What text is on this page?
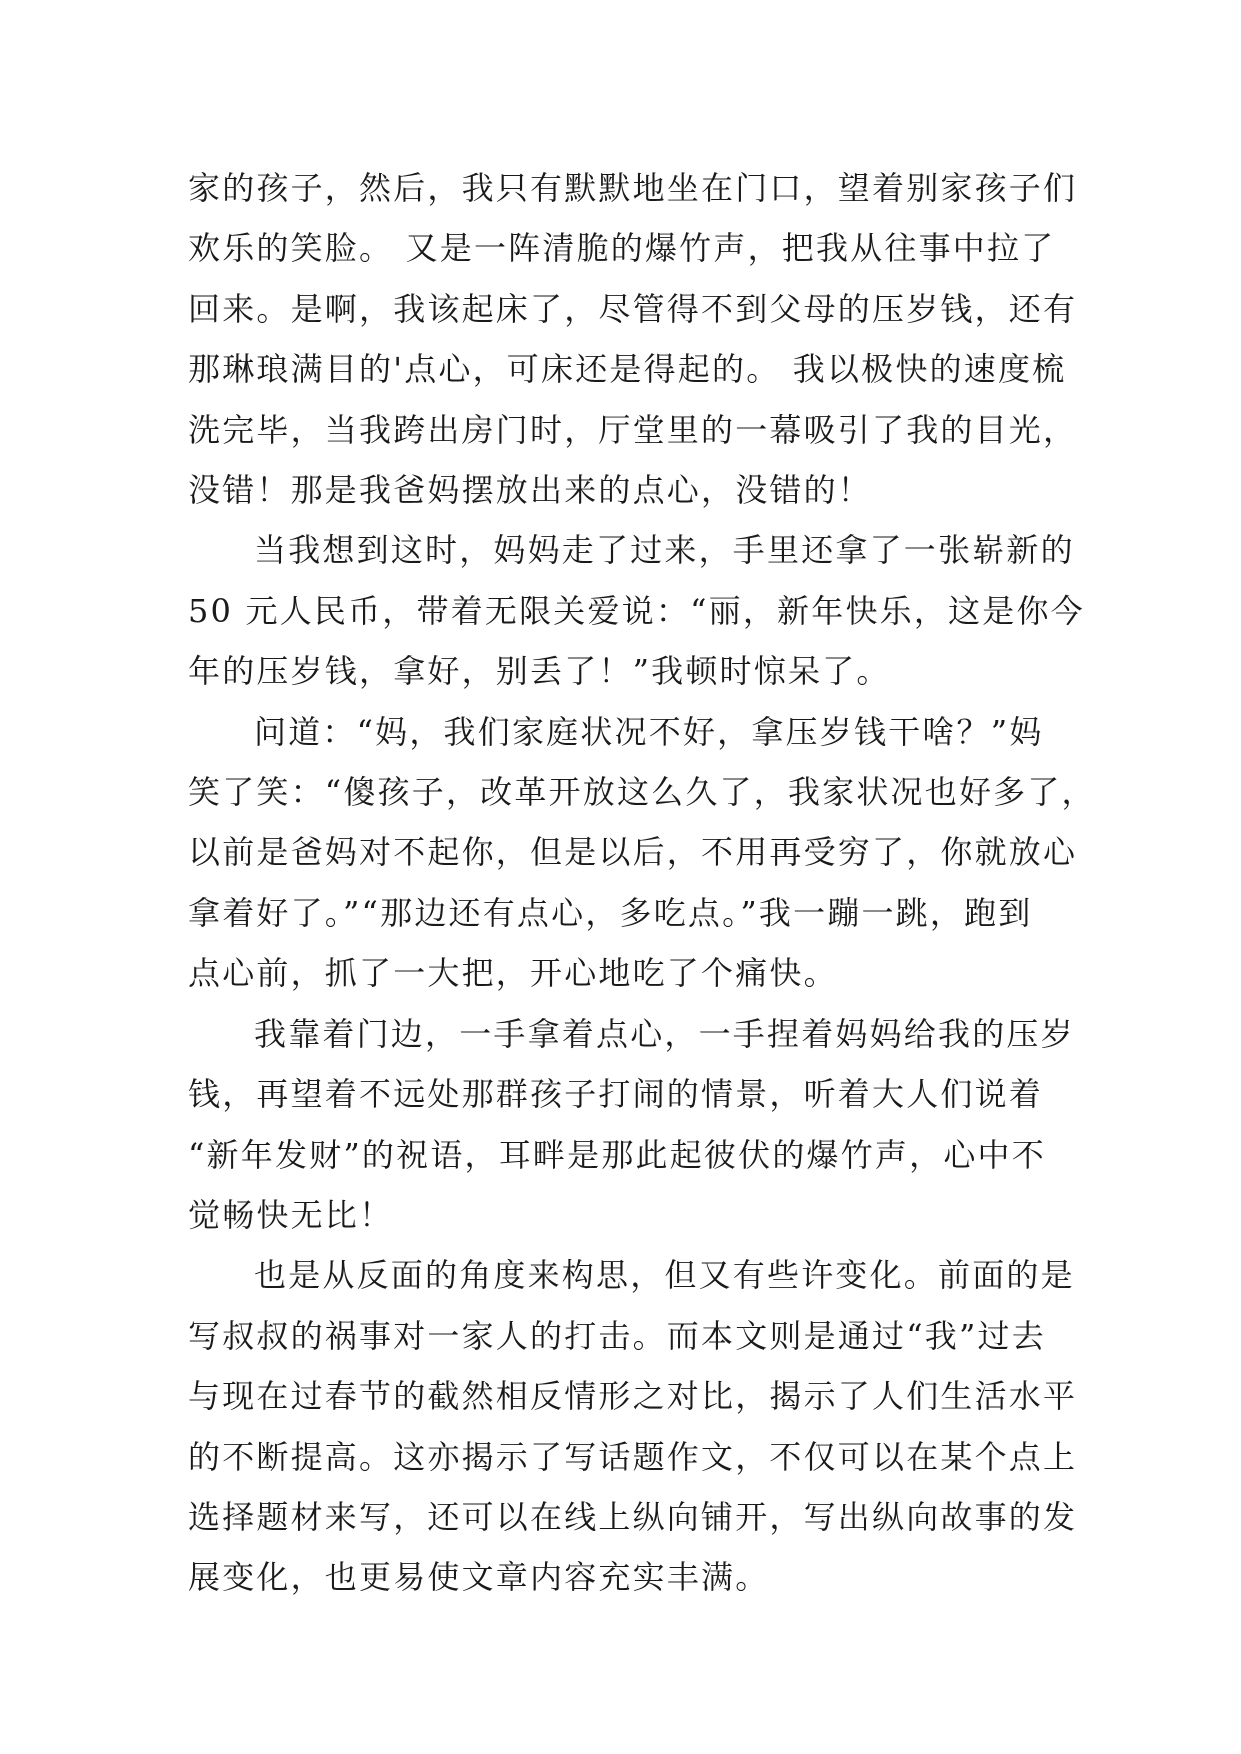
家的孩子，然后，我只有默默地坐在门口，望着别家孩子们
欢乐的笑脸。 又是一阵清脆的爆竹声，把我从往事中拉了
回来。是啊，我该起床了，尽管得不到父母的压岁钱，还有
那琳琅满目的'点心，可床还是得起的。 我以极快的速度梳
洗完毕，当我跨出房门时，厅堂里的一幕吸引了我的目光，
没错！那是我爸妈摆放出来的点心，没错的！
当我想到这时，妈妈走了过来，手里还拿了一张崭新的
50 元人民币，带着无限关爱说：“丽，新年快乐，这是你今
年的压岁钱，拿好，别丢了！”我顿时惊呆了。
问道：“妈，我们家庭状况不好，拿压岁钱干啥？”妈
笑了笑：“傻孩子，改革开放这么久了，我家状况也好多了，
以前是爸妈对不起你，但是以后，不用再受穷了，你就放心
拿着好了。”“那边还有点心，多吃点。”我一蹦一跳，跑到
点心前，抓了一大把，开心地吃了个痛快。
我靠着门边，一手拿着点心，一手捏着妈妈给我的压岁
钱，再望着不远处那群孩子打闹的情景，听着大人们说着
“新年发财”的祝语，耳畔是那此起彼伏的爆竹声，心中不
觉畅快无比！
也是从反面的角度来构思，但又有些许变化。前面的是
写叔叔的祸事对一家人的打击。而本文则是通过“我”过去
与现在过春节的截然相反情形之对比，揭示了人们生活水平
的不断提高。这亦揭示了写话题作文，不仅可以在某个点上
选择题材来写，还可以在线上纵向铺开，写出纵向故事的发
展变化，也更易使文章内容充实丰满。
